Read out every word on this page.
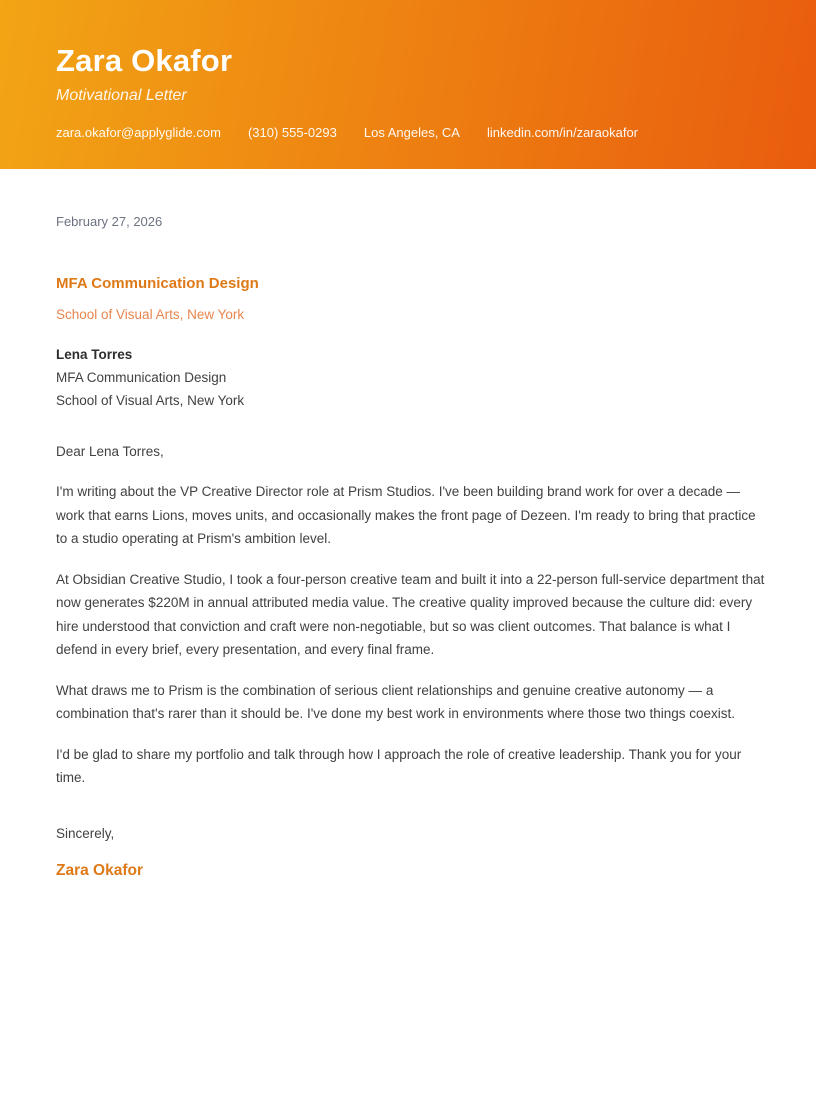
Zara Okafor
Motivational Letter
zara.okafor@applyglide.com (310) 555-0293 Los Angeles, CA linkedin.com/in/zaraokafor
February 27, 2026
MFA Communication Design
School of Visual Arts, New York
Lena Torres
MFA Communication Design
School of Visual Arts, New York
Dear Lena Torres,

I'm writing about the VP Creative Director role at Prism Studios. I've been building brand work for over a decade — work that earns Lions, moves units, and occasionally makes the front page of Dezeen. I'm ready to bring that practice to a studio operating at Prism's ambition level.

At Obsidian Creative Studio, I took a four-person creative team and built it into a 22-person full-service department that now generates $220M in annual attributed media value. The creative quality improved because the culture did: every hire understood that conviction and craft were non-negotiable, but so was client outcomes. That balance is what I defend in every brief, every presentation, and every final frame.

What draws me to Prism is the combination of serious client relationships and genuine creative autonomy — a combination that's rarer than it should be. I've done my best work in environments where those two things coexist.

I'd be glad to share my portfolio and talk through how I approach the role of creative leadership. Thank you for your time.

Sincerely,
Zara Okafor
